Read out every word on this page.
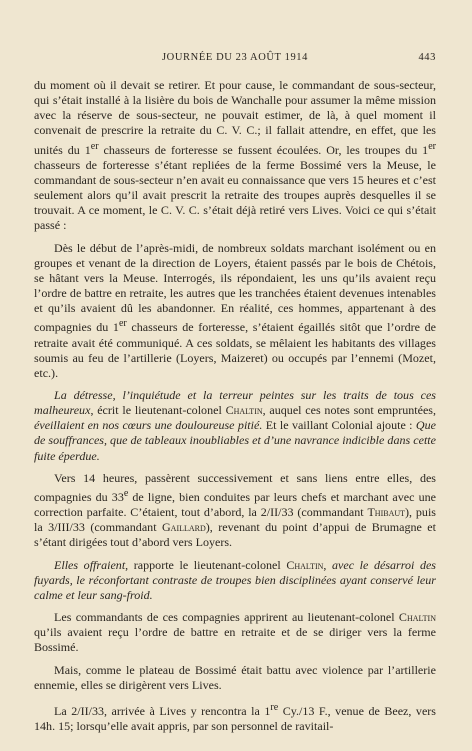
JOURNÉE DU 23 AOÛT 1914	443

du moment où il devait se retirer. Et pour cause, le commandant de sous-secteur, qui s’était installé à la lisière du bois de Wanchalle pour assumer la même mission avec la réserve de sous-secteur, ne pouvait estimer, de là, à quel moment il convenait de prescrire la retraite du C. V. C.; il fallait attendre, en effet, que les unités du 1er chasseurs de forteresse se fussent écoulées. Or, les troupes du 1er chasseurs de forteresse s’étant repliées de la ferme Bossimé vers la Meuse, le commandant de sous-secteur n’en avait eu connaissance que vers 15 heures et c’est seulement alors qu’il avait prescrit la retraite des troupes auprès desquelles il se trouvait. A ce moment, le C. V. C. s’était déjà retiré vers Lives. Voici ce qui s’était passé :

Dès le début de l’après-midi, de nombreux soldats marchant isolément ou en groupes et venant de la direction de Loyers, étaient passés par le bois de Chétois, se hâtant vers la Meuse. Interrogés, ils répondaient, les uns qu’ils avaient reçu l’ordre de battre en retraite, les autres que les tranchées étaient devenues intenables et qu’ils avaient dû les abandonner. En réalité, ces hommes, appartenant à des compagnies du 1er chasseurs de forteresse, s’étaient égaillés sitôt que l’ordre de retraite avait été communiqué. A ces soldats, se mêlaient les habitants des villages soumis au feu de l’artillerie (Loyers, Maizeret) ou occupés par l’ennemi (Mozet, etc.).

La détresse, l’inquiétude et la terreur peintes sur les traits de tous ces malheureux, écrit le lieutenant-colonel Chaltin, auquel ces notes sont empruntées, éveillaient en nos cœurs une douloureuse pitié. Et le vaillant Colonial ajoute : Que de souffrances, que de tableaux inoubliables et d’une navrance indicible dans cette fuite éperdue.

Vers 14 heures, passèrent successivement et sans liens entre elles, des compagnies du 33e de ligne, bien conduites par leurs chefs et marchant avec une correction parfaite. C’étaient, tout d’abord, la 2/II/33 (commandant Thibaut), puis la 3/III/33 (commandant Gaillard), revenant du point d’appui de Brumagne et s’étant dirigées tout d’abord vers Loyers.

Elles offraient, rapporte le lieutenant-colonel Chaltin, avec le désarroi des fuyards, le réconfortant contraste de troupes bien disciplinées ayant conservé leur calme et leur sang-froid.

Les commandants de ces compagnies apprirent au lieutenant-colonel Chaltin qu’ils avaient reçu l’ordre de battre en retraite et de se diriger vers la ferme Bossimé.

Mais, comme le plateau de Bossimé était battu avec violence par l’artillerie ennemie, elles se dirigèrent vers Lives.

La 2/II/33, arrivée à Lives y rencontra la 1re Cy./13 F., venue de Beez, vers 14h. 15; lorsqu’elle avait appris, par son personnel de ravitail-
